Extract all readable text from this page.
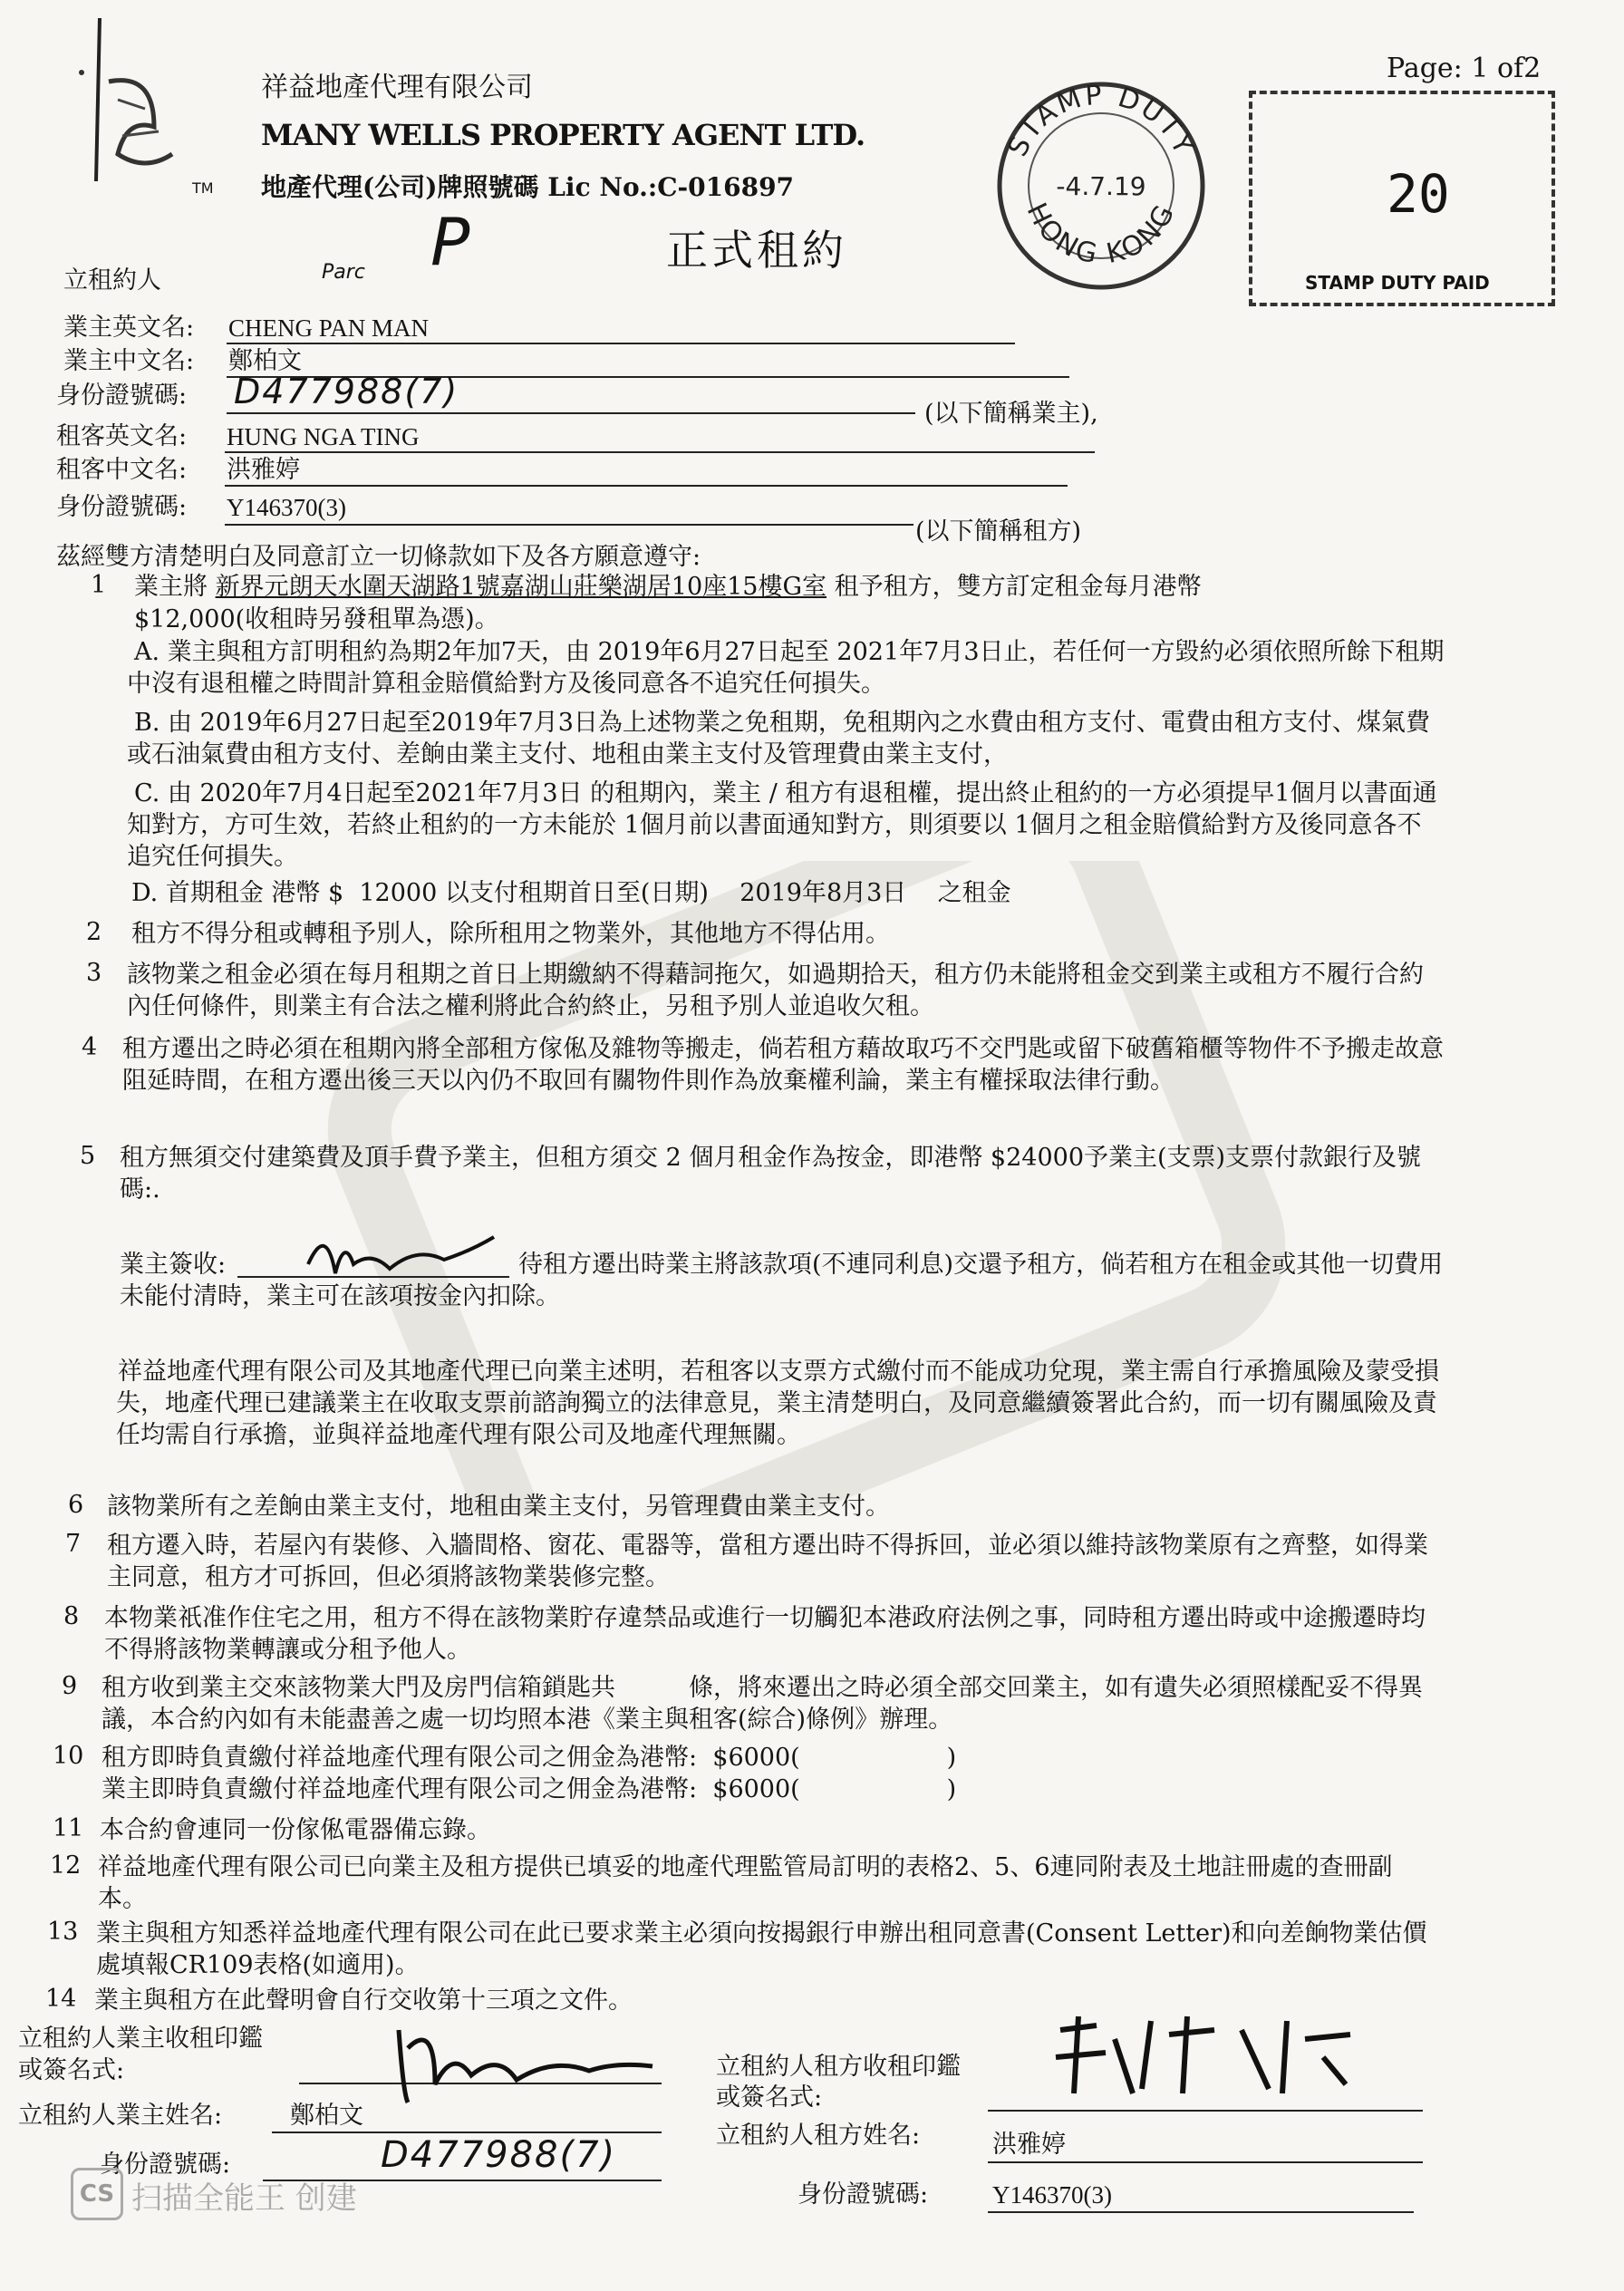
TM
祥益地產代理有限公司
MANY WELLS PROPERTY AGENT LTD.
地產代理(公司)牌照號碼 Lic No.:C-016897
正式租約
P
Page: 1 of2
STAMP DUTY
HONG KONG
-4.7.19	20
STAMP DUTY PAID
立租約人	Parc
業主英文名: CHENG PAN MAN
業主中文名: 鄭柏文
身份證號碼: D477988(7)
(以下簡稱業主),
租客英文名: HUNG NGA TING
租客中文名: 洪雅婷
身份證號碼: Y146370(3)
(以下簡稱租方)
茲經雙方清楚明白及同意訂立一切條款如下及各方願意遵守:
1 業主將 新界元朗天水圍天湖路1號嘉湖山莊樂湖居10座15樓G室 租予租方，雙方訂定租金每月港幣
$12,000(收租時另發租單為憑)。
A. 業主與租方訂明租約為期2年加7天，由 2019年6月27日起至 2021年7月3日止，若任何一方毀約必須依照所餘下租期中沒有退租權之時間計算租金賠償給對方及後同意各不追究任何損失。
B. 由 2019年6月27日起至2019年7月3日為上述物業之免租期，免租期內之水費由租方支付、電費由租方支付、煤氣費或石油氣費由租方支付、差餉由業主支付、地租由業主支付及管理費由業主支付，
C. 由 2020年7月4日起至2021年7月3日 的租期內，業主 / 租方有退租權，提出終止租約的一方必須提早1個月以書面通知對方，方可生效，若終止租約的一方未能於 1個月前以書面通知對方，則須要以 1個月之租金賠償給對方及後同意各不追究任何損失。
D. 首期租金 港幣 $  12000 以支付租期首日至(日期)    2019年8月3日    之租金
2 租方不得分租或轉租予別人，除所租用之物業外，其他地方不得佔用。
3 該物業之租金必須在每月租期之首日上期繳納不得藉詞拖欠，如過期拾天，租方仍未能將租金交到業主或租方不履行合約內任何條件，則業主有合法之權利將此合約終止，另租予別人並追收欠租。
4 租方遷出之時必須在租期內將全部租方傢俬及雜物等搬走，倘若租方藉故取巧不交門匙或留下破舊箱櫃等物件不予搬走故意阻延時間，在租方遷出後三天以內仍不取回有關物件則作為放棄權利論，業主有權採取法律行動。
5 租方無須交付建築費及頂手費予業主，但租方須交 2 個月租金作為按金，即港幣 $24000予業主(支票)支票付款銀行及號碼:.
業主簽收:	待租方遷出時業主將該款項(不連同利息)交還予租方，倘若租方在租金或其他一切費用未能付清時，業主可在該項按金內扣除。
祥益地產代理有限公司及其地產代理已向業主述明，若租客以支票方式繳付而不能成功兌現，業主需自行承擔風險及蒙受損失，地產代理已建議業主在收取支票前諮詢獨立的法律意見，業主清楚明白，及同意繼續簽署此合約，而一切有關風險及責任均需自行承擔，並與祥益地產代理有限公司及地產代理無關。
6 該物業所有之差餉由業主支付，地租由業主支付，另管理費由業主支付。
7 租方遷入時，若屋內有裝修、入牆間格、窗花、電器等，當租方遷出時不得拆回，並必須以維持該物業原有之齊整，如得業主同意，租方才可拆回，但必須將該物業裝修完整。
8 本物業祇准作住宅之用，租方不得在該物業貯存違禁品或進行一切觸犯本港政府法例之事，同時租方遷出時或中途搬遷時均不得將該物業轉讓或分租予他人。
9 租方收到業主交來該物業大門及房門信箱鎖匙共　　　條，將來遷出之時必須全部交回業主，如有遺失必須照樣配妥不得異議，本合約內如有未能盡善之處一切均照本港《業主與租客(綜合)條例》辦理。
10 租方即時負責繳付祥益地產代理有限公司之佣金為港幣:  $6000(　　　　　　)
業主即時負責繳付祥益地產代理有限公司之佣金為港幣:  $6000(　　　　　　)
11 本合約會連同一份傢俬電器備忘錄。
12 祥益地產代理有限公司已向業主及租方提供已填妥的地產代理監管局訂明的表格2、5、6連同附表及土地註冊處的查冊副本。
13 業主與租方知悉祥益地產代理有限公司在此已要求業主必須向按揭銀行申辦出租同意書(Consent Letter)和向差餉物業估價處填報CR109表格(如適用)。
14 業主與租方在此聲明會自行交收第十三項之文件。
立租約人業主收租印鑑
或簽名式:
立租約人業主姓名:	鄭柏文
身份證號碼:	D477988(7)
立租約人租方收租印鑑
或簽名式:
立租約人租方姓名:	洪雅婷
身份證號碼:	Y146370(3)
CS 扫描全能王 创建
